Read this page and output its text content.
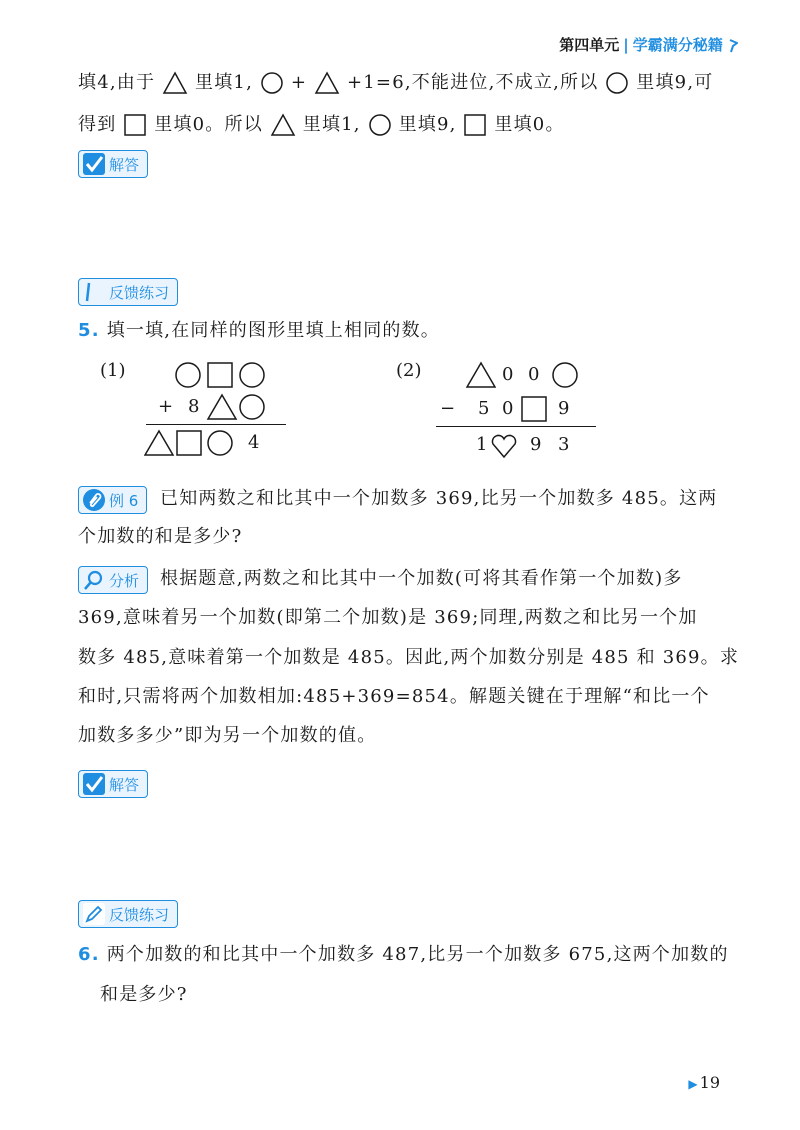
第四单元 | 学霸满分秘籍
填4,由于 里填1, + +1=6,不能进位,不成立,所以 里填9,可
得到 里填0。所以 里填1, 里填9, 里填0。
解答
反馈练习
5. 填一填,在同样的图形里填上相同的数。
(1)
+ 8
4
(2)	0 0
− 5 0 9
1 9 3
例 6 已知两数之和比其中一个加数多 369,比另一个加数多 485。这两
个加数的和是多少?
分析 根据题意,两数之和比其中一个加数(可将其看作第一个加数)多
369,意味着另一个加数(即第二个加数)是 369;同理,两数之和比另一个加
数多 485,意味着第一个加数是 485。因此,两个加数分别是 485 和 369。求
和时,只需将两个加数相加:485+369=854。解题关键在于理解“和比一个
加数多多少”即为另一个加数的值。
解答
反馈练习
6. 两个加数的和比其中一个加数多 487,比另一个加数多 675,这两个加数的
和是多少?
▶ 19
